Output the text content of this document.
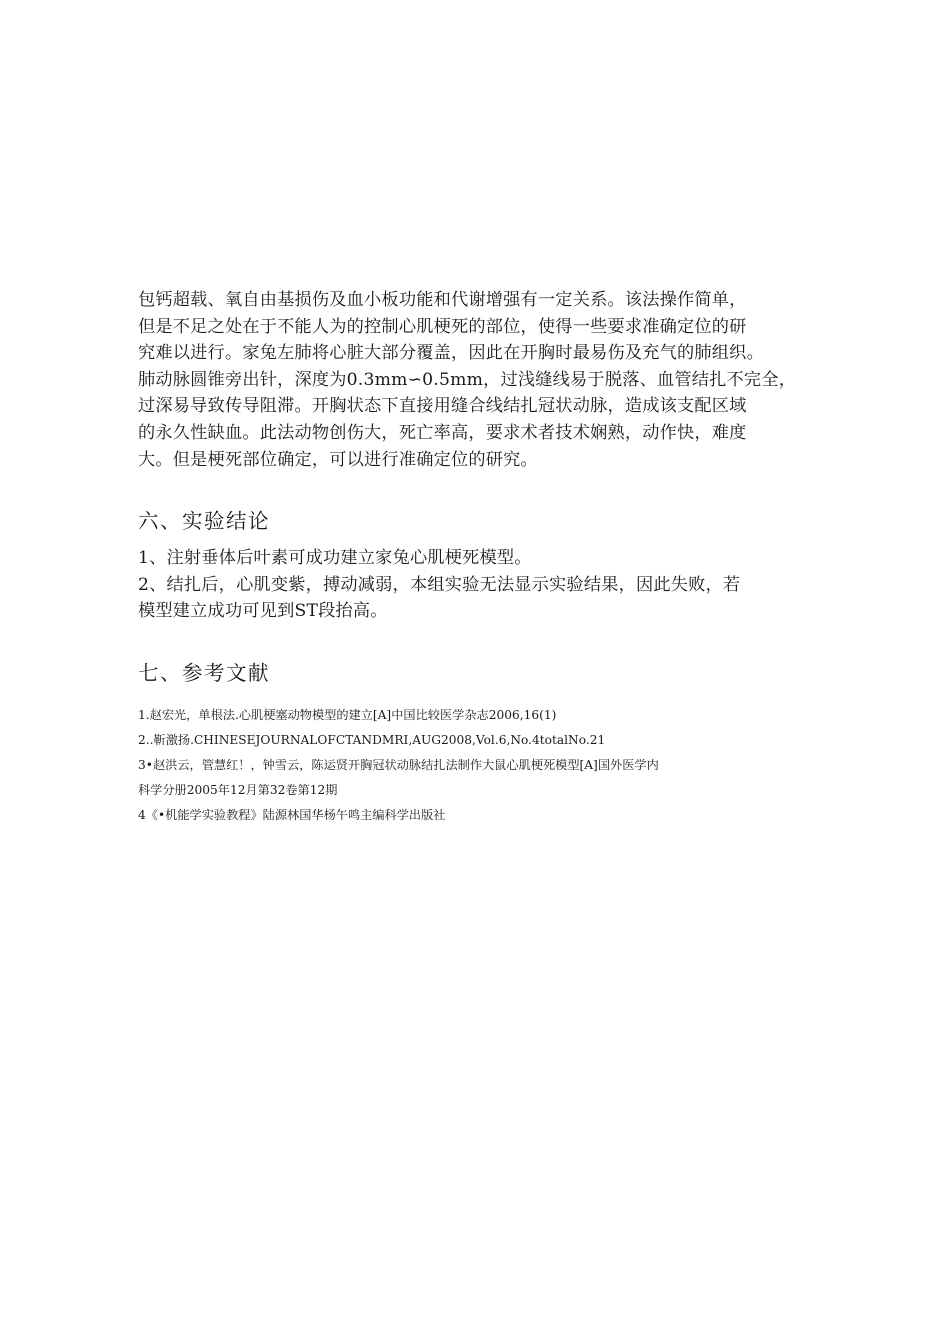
包钙超载、氧自由基损伤及血小板功能和代谢增强有一定关系。该法操作简单，
但是不足之处在于不能人为的控制心肌梗死的部位，使得一些要求准确定位的研
究难以进行。家兔左肺将心脏大部分覆盖，因此在开胸时最易伤及充气的肺组织。
肺动脉圆锥旁出针，深度为0.3mm∽0.5mm，过浅缝线易于脱落、血管结扎不完全，
过深易导致传导阻滞。开胸状态下直接用缝合线结扎冠状动脉，造成该支配区域
的永久性缺血。此法动物创伤大，死亡率高，要求术者技术娴熟，动作快，难度
大。但是梗死部位确定，可以进行准确定位的研究。

六、实验结论

1、注射垂体后叶素可成功建立家兔心肌梗死模型。
2、结扎后，心肌变紫，搏动减弱，本组实验无法显示实验结果，因此失败，若
模型建立成功可见到ST段抬高。

七、参考文献
1.赵宏光，单根法.心肌梗塞动物模型的建立[A]中国比较医学杂志2006,16(1)
2..靳激扬.CHINESEJOURNALOFCTANDMRI,AUG2008,Vol.6,No.4totalNo.21
3•赵洪云，管慧红！，钟雪云，陈运贤开胸冠状动脉结扎法制作大鼠心肌梗死模型[A]国外医学内
科学分册2005年12月第32卷第12期
4《•机能学实验教程》陆源林国华杨午鸣主编科学出版社
